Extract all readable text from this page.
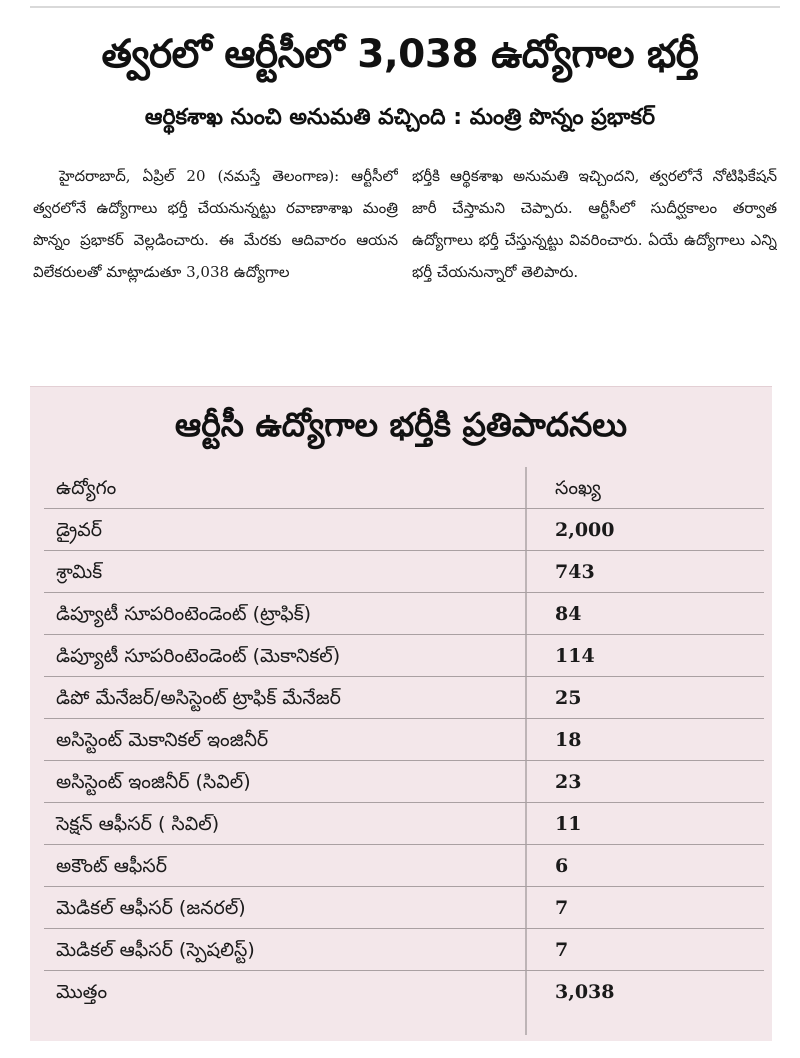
త్వరలో ఆర్టీసీలో 3,038 ఉద్యోగాల భర్తీ
ఆర్థికశాఖ నుంచి అనుమతి వచ్చింది : మంత్రి పొన్నం ప్రభాకర్
హైదరాబాద్, ఏప్రిల్ 20 (నమస్తే తెలంగాణ): ఆర్టీసీలో త్వరలోనే ఉద్యోగాలు భర్తీ చేయనున్నట్టు రవాణాశాఖ మంత్రి పొన్నం ప్రభాకర్ వెల్లడించారు. ఈ మేరకు ఆదివారం ఆయన విలేకరులతో మాట్లాడుతూ 3,038 ఉద్యోగాల
భర్తీకి ఆర్థికశాఖ అనుమతి ఇచ్చిందని, త్వరలోనే నోటిఫికేషన్ జారీ చేస్తామని చెప్పారు. ఆర్టీసీలో సుదీర్ఘకాలం తర్వాత ఉద్యోగాలు భర్తీ చేస్తున్నట్టు వివరించారు. ఏయే ఉద్యోగాలు ఎన్ని భర్తీ చేయనున్నారో తెలిపారు.
ఆర్టీసీ ఉద్యోగాల భర్తీకి ప్రతిపాదనలు
ఉద్యోగం	సంఖ్య
డ్రైవర్	2,000
శ్రామిక్	743
డిప్యూటీ సూపరింటెండెంట్ (ట్రాఫిక్)	84
డిప్యూటీ సూపరింటెండెంట్ (మెకానికల్)	114
డిపో మేనేజర్/అసిస్టెంట్ ట్రాఫిక్ మేనేజర్	25
అసిస్టెంట్ మెకానికల్ ఇంజినీర్	18
అసిస్టెంట్ ఇంజినీర్ (సివిల్)	23
సెక్షన్ ఆఫీసర్ ( సివిల్)	11
అకౌంట్ ఆఫీసర్	6
మెడికల్ ఆఫీసర్ (జనరల్)	7
మెడికల్ ఆఫీసర్ (స్పెషలిస్ట్)	7
మొత్తం	3,038
